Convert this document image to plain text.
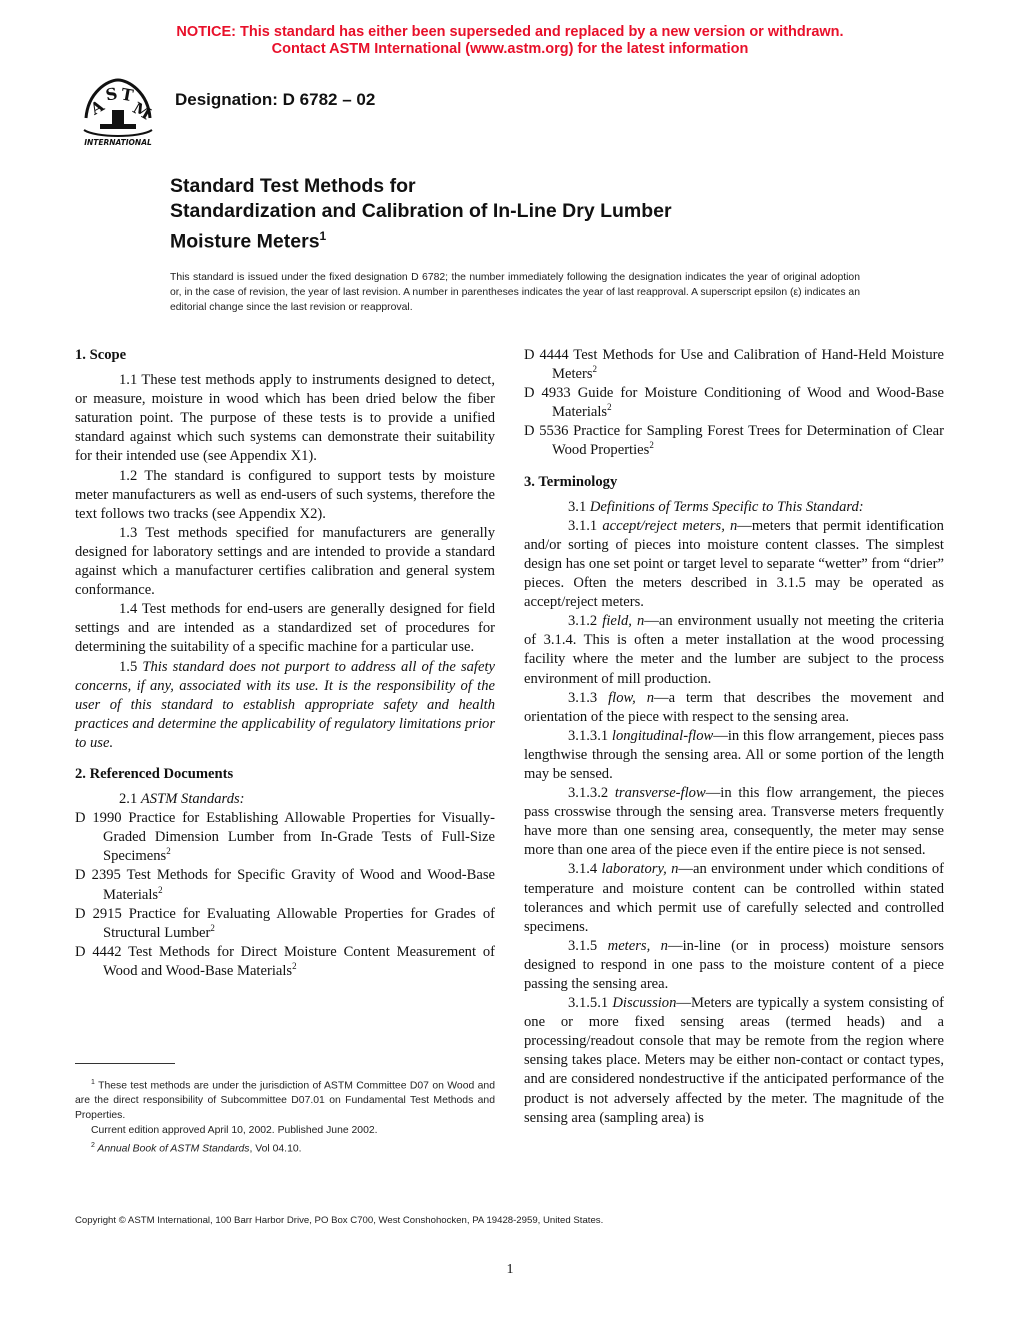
NOTICE: This standard has either been superseded and replaced by a new version or withdrawn.
Contact ASTM International (www.astm.org) for the latest information
A
S T
M
INTERNATIONAL
Designation: D 6782 – 02
Standard Test Methods for
Standardization and Calibration of In-Line Dry Lumber
Moisture Meters$^1$
This standard is issued under the fixed designation D 6782; the number immediately following the designation indicates the year of original adoption or, in the case of revision, the year of last revision. A number in parentheses indicates the year of last reapproval. A superscript epsilon (ε) indicates an editorial change since the last revision or reapproval.

1. Scope

1.1 These test methods apply to instruments designed to detect, or measure, moisture in wood which has been dried below the fiber saturation point. The purpose of these tests is to provide a unified standard against which such systems can demonstrate their suitability for their intended use (see Appendix X1).

1.2 The standard is configured to support tests by moisture meter manufacturers as well as end-users of such systems, therefore the text follows two tracks (see Appendix X2).

1.3 Test methods specified for manufacturers are generally designed for laboratory settings and are intended to provide a standard against which a manufacturer certifies calibration and general system conformance.

1.4 Test methods for end-users are generally designed for field settings and are intended as a standardized set of procedures for determining the suitability of a specific machine for a particular use.

1.5 This standard does not purport to address all of the safety concerns, if any, associated with its use. It is the responsibility of the user of this standard to establish appropriate safety and health practices and determine the applicability of regulatory limitations prior to use.

2. Referenced Documents

2.1 ASTM Standards:

D 1990 Practice for Establishing Allowable Properties for Visually-Graded Dimension Lumber from In-Grade Tests of Full-Size Specimens$^2$

D 2395 Test Methods for Specific Gravity of Wood and Wood-Base Materials$^2$

D 2915 Practice for Evaluating Allowable Properties for Grades of Structural Lumber$^2$

D 4442 Test Methods for Direct Moisture Content Measurement of Wood and Wood-Base Materials$^2$

$^1$ These test methods are under the jurisdiction of ASTM Committee D07 on Wood and are the direct responsibility of Subcommittee D07.01 on Fundamental Test Methods and Properties.

Current edition approved April 10, 2002. Published June 2002.

$^2$ Annual Book of ASTM Standards, Vol 04.10.

D 4444 Test Methods for Use and Calibration of Hand-Held Moisture Meters$^2$

D 4933 Guide for Moisture Conditioning of Wood and Wood-Base Materials$^2$

D 5536 Practice for Sampling Forest Trees for Determination of Clear Wood Properties$^2$

3. Terminology

3.1 Definitions of Terms Specific to This Standard:

3.1.1 accept/reject meters, n—meters that permit identification and/or sorting of pieces into moisture content classes. The simplest design has one set point or target level to separate “wetter” from “drier” pieces. Often the meters described in 3.1.5 may be operated as accept/reject meters.

3.1.2 field, n—an environment usually not meeting the criteria of 3.1.4. This is often a meter installation at the wood processing facility where the meter and the lumber are subject to the process environment of mill production.

3.1.3 flow, n—a term that describes the movement and orientation of the piece with respect to the sensing area.

3.1.3.1 longitudinal-flow—in this flow arrangement, pieces pass lengthwise through the sensing area. All or some portion of the length may be sensed.

3.1.3.2 transverse-flow—in this flow arrangement, the pieces pass crosswise through the sensing area. Transverse meters frequently have more than one sensing area, consequently, the meter may sense more than one area of the piece even if the entire piece is not sensed.

3.1.4 laboratory, n—an environment under which conditions of temperature and moisture content can be controlled within stated tolerances and which permit use of carefully selected and controlled specimens.

3.1.5 meters, n—in-line (or in process) moisture sensors designed to respond in one pass to the moisture content of a piece passing the sensing area.

3.1.5.1 Discussion—Meters are typically a system consisting of one or more fixed sensing areas (termed heads) and a processing/readout console that may be remote from the region where sensing takes place. Meters may be either non-contact or contact types, and are considered nondestructive if the anticipated performance of the product is not adversely affected by the meter. The magnitude of the sensing area (sampling area) is

Copyright © ASTM International, 100 Barr Harbor Drive, PO Box C700, West Conshohocken, PA 19428-2959, United States.
1
